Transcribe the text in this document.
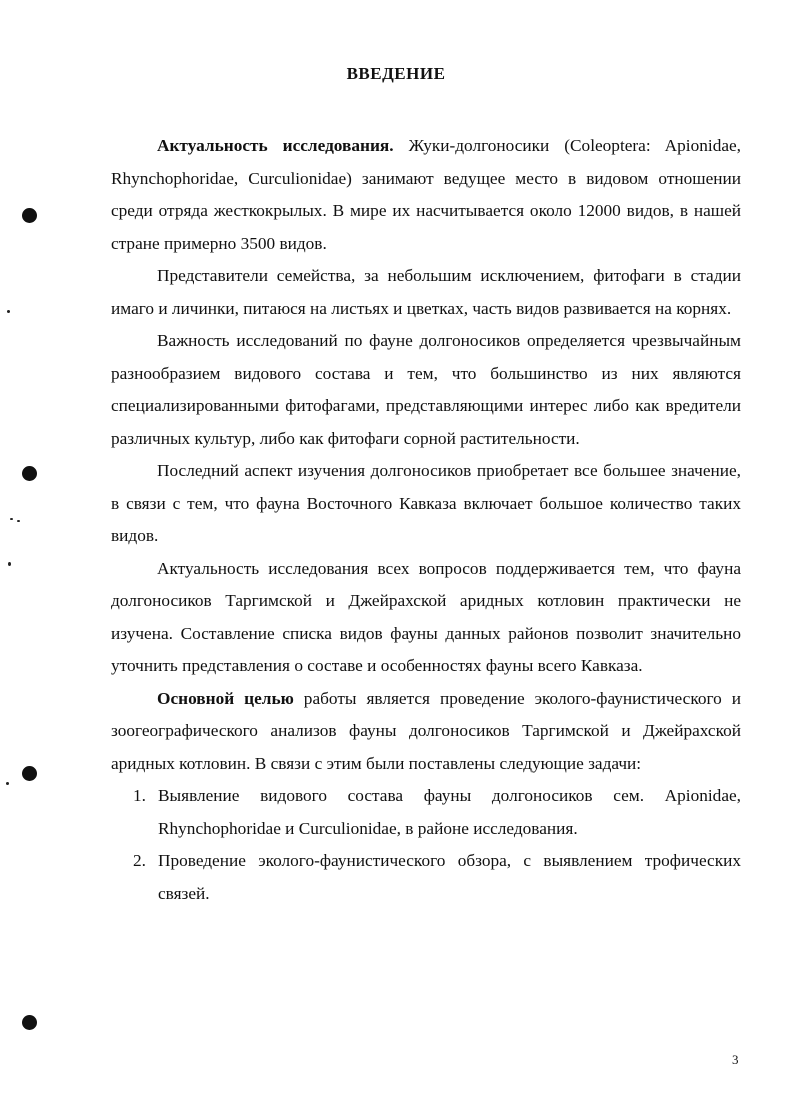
ВВЕДЕНИЕ

Актуальность исследования. Жуки-долгоносики (Coleoptera: Apionidae, Rhynchophoridae, Curculionidae) занимают ведущее место в видовом отношении среди отряда жесткокрылых. В мире их насчитывается около 12000 видов, в нашей стране примерно 3500 видов.

Представители семейства, за небольшим исключением, фитофаги в стадии имаго и личинки, питаюся на листьях и цветках, часть видов развивается на корнях.

Важность исследований по фауне долгоносиков определяется чрезвычайным разнообразием видового состава и тем, что большинство из них являются специализированными фитофагами, представляющими интерес либо как вредители различных культур, либо как фитофаги сорной растительности.

Последний аспект изучения долгоносиков приобретает все большее значение, в связи с тем, что фауна Восточного Кавказа включает большое количество таких видов.

Актуальность исследования всех вопросов поддерживается тем, что фауна долгоносиков Таргимской и Джейрахской аридных котловин практически не изучена. Составление списка видов фауны данных районов позволит значительно уточнить представления о составе и особенностях фауны всего Кавказа.

Основной целью работы является проведение эколого-фаунистического и зоогеографического анализов фауны долгоносиков Таргимской и Джейрахской аридных котловин. В связи с этим были поставлены следующие задачи:

1. Выявление видового состава фауны долгоносиков сем. Apionidae, Rhynchophoridae и Curculionidae, в районе исследования.
2. Проведение эколого-фаунистического обзора, с выявлением трофических связей.
3
